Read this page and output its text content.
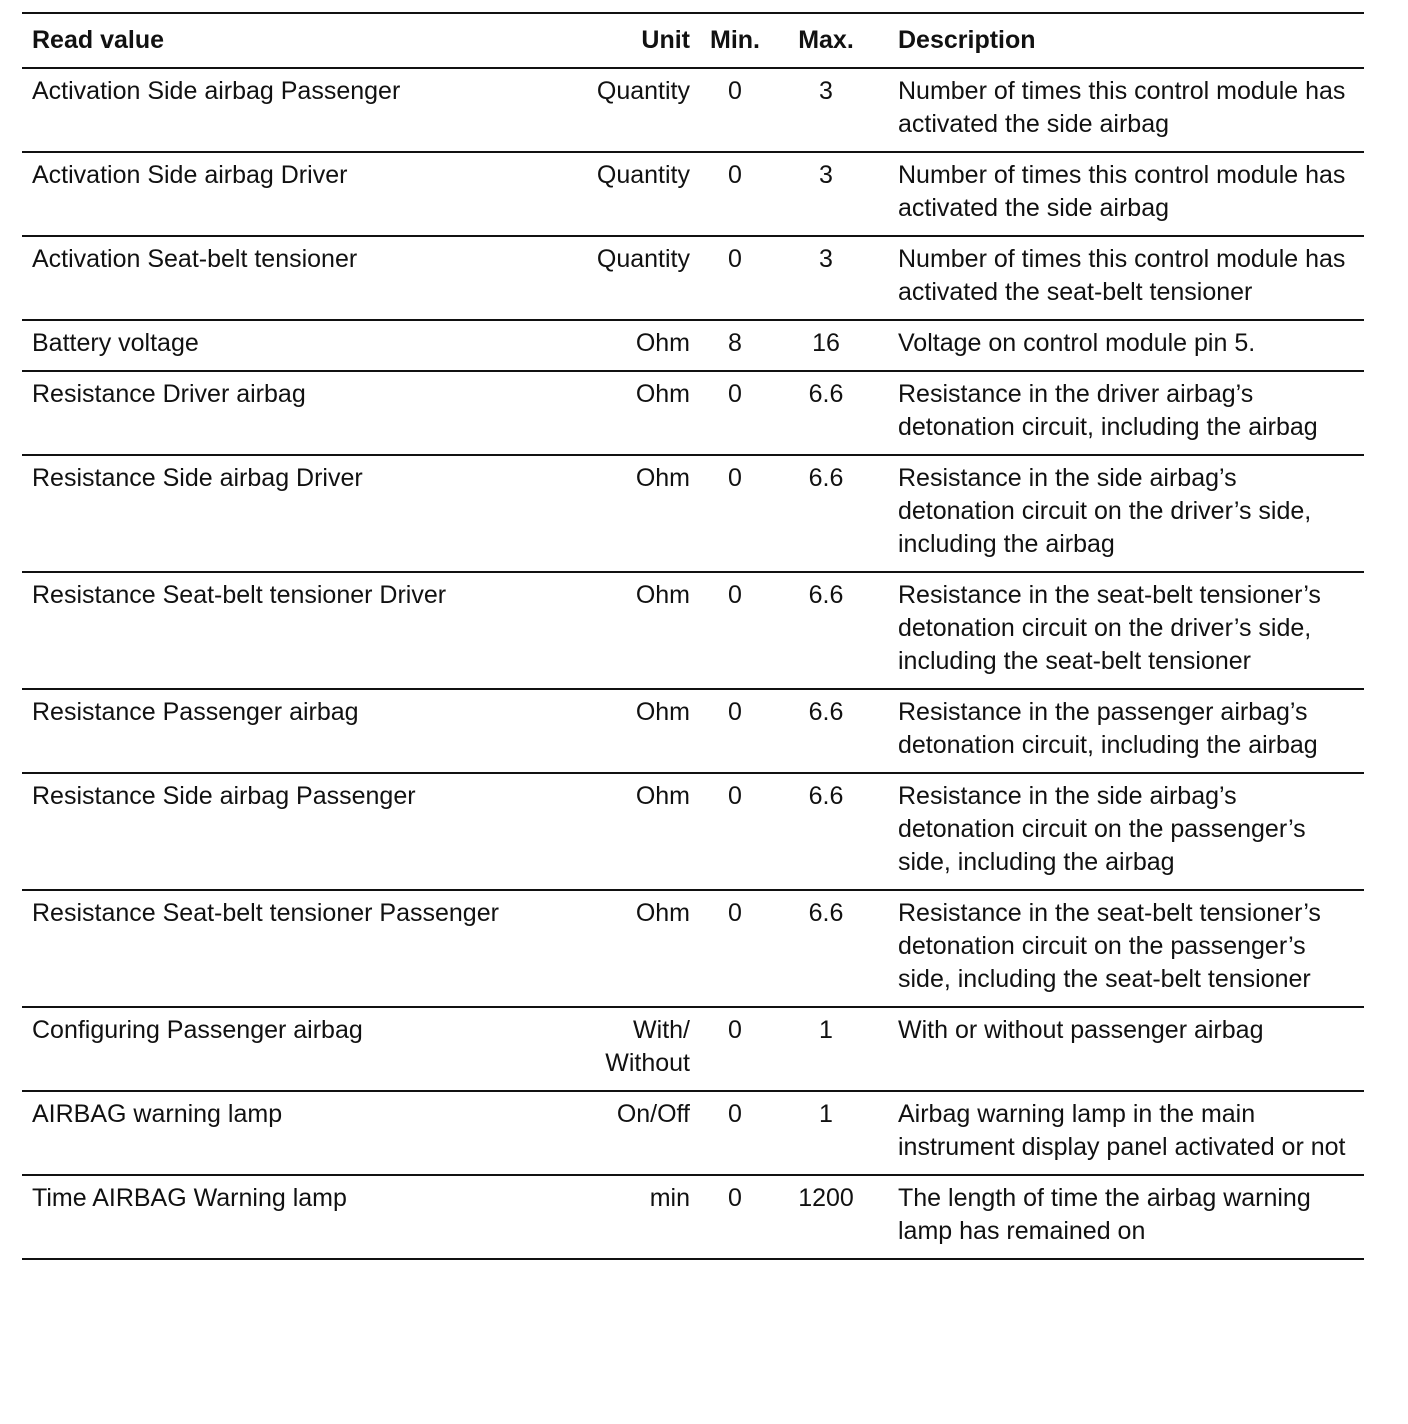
Read value	Unit	Min.	Max.	Description
Activation Side airbag Passenger	Quantity	0	3	Number of times this control module has activated the side airbag
Activation Side airbag Driver	Quantity	0	3	Number of times this control module has activated the side airbag
Activation Seat-belt tensioner	Quantity	0	3	Number of times this control module has activated the seat-belt tensioner
Battery voltage	Ohm	8	16	Voltage on control module pin 5.
Resistance Driver airbag	Ohm	0	6.6	Resistance in the driver airbag’s detonation circuit, including the airbag
Resistance Side airbag Driver	Ohm	0	6.6	Resistance in the side airbag’s detonation circuit on the driver’s side, including the airbag
Resistance Seat-belt tensioner Driver	Ohm	0	6.6	Resistance in the seat-belt tensioner’s detonation circuit on the driver’s side, including the seat-belt tensioner
Resistance Passenger airbag	Ohm	0	6.6	Resistance in the passenger airbag’s detonation circuit, including the airbag
Resistance Side airbag Passenger	Ohm	0	6.6	Resistance in the side airbag’s detonation circuit on the passenger’s side, including the airbag
Resistance Seat-belt tensioner Passenger	Ohm	0	6.6	Resistance in the seat-belt tensioner’s detonation circuit on the passenger’s side, including the seat-belt tensioner
Configuring Passenger airbag	With/ Without	0	1	With or without passenger airbag
AIRBAG warning lamp	On/Off	0	1	Airbag warning lamp in the main instrument display panel activated or not
Time AIRBAG Warning lamp	min	0	1200	The length of time the airbag warning lamp has remained on
